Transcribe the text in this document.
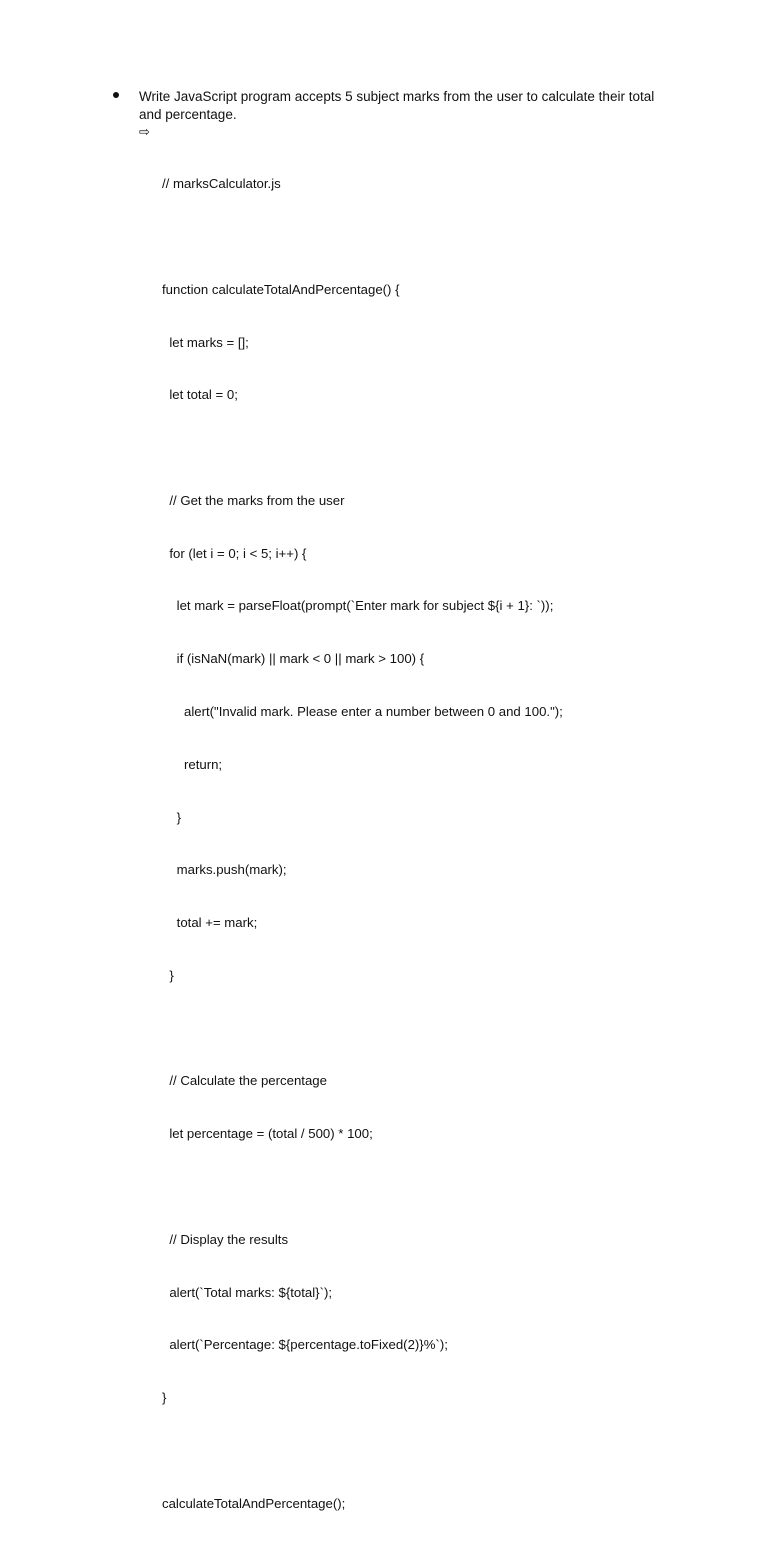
Write JavaScript program accepts 5 subject marks from the user to calculate their total and percentage.
⇨

// marksCalculator.js

function calculateTotalAndPercentage() {

let marks = [];

let total = 0;

// Get the marks from the user

for (let i = 0; i < 5; i++) {

let mark = parseFloat(prompt(`Enter mark for subject ${i + 1}: `));

if (isNaN(mark) || mark < 0 || mark > 100) {

alert("Invalid mark. Please enter a number between 0 and 100.");

return;

}

marks.push(mark);

total += mark;

}

// Calculate the percentage

let percentage = (total / 500) * 100;

// Display the results

alert(`Total marks: ${total}`);

alert(`Percentage: ${percentage.toFixed(2)}%`);

}

calculateTotalAndPercentage();
